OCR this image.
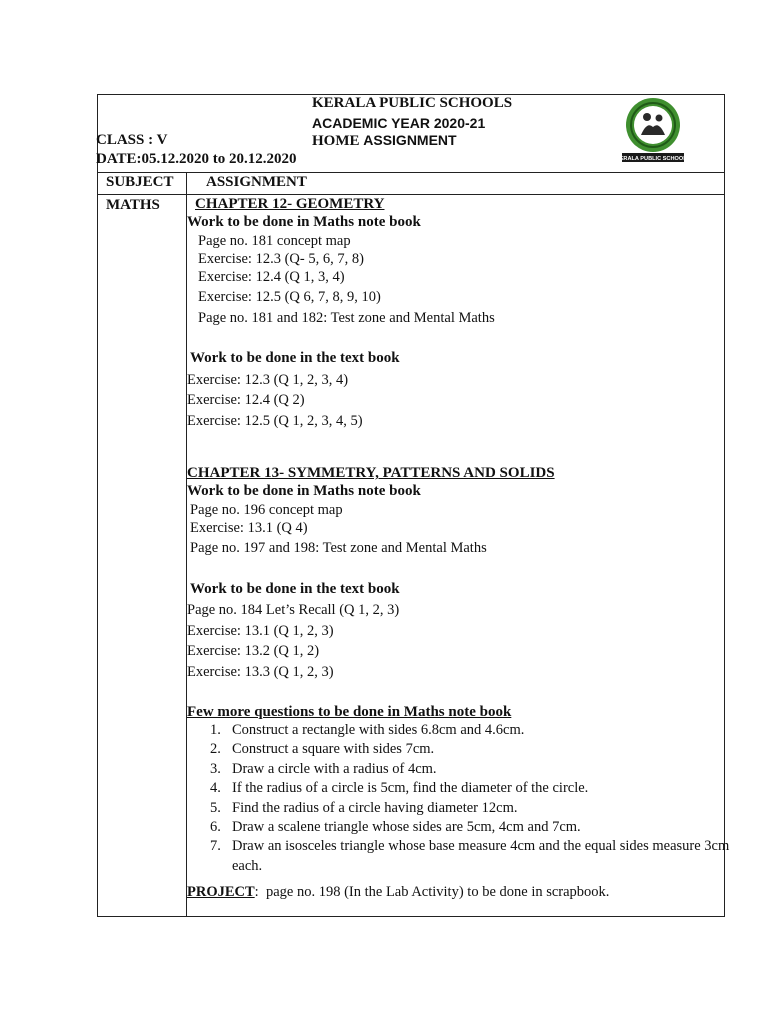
KERALA PUBLIC SCHOOLS
ACADEMIC YEAR 2020-21
HOME ASSIGNMENT
CLASS : V
DATE:05.12.2020 to 20.12.2020	KERALA PUBLIC SCHOOLS
SUBJECT ASSIGNMENT
MATHS CHAPTER 12- GEOMETRY
Work to be done in Maths note book
Page no. 181 concept map
Exercise: 12.3 (Q- 5, 6, 7, 8)
Exercise: 12.4 (Q 1, 3, 4)
Exercise: 12.5 (Q 6, 7, 8, 9, 10)
Page no. 181 and 182: Test zone and Mental Maths
Work to be done in the text book
Exercise: 12.3 (Q 1, 2, 3, 4)
Exercise: 12.4 (Q 2)
Exercise: 12.5 (Q 1, 2, 3, 4, 5)
CHAPTER 13- SYMMETRY, PATTERNS AND SOLIDS
Work to be done in Maths note book
Page no. 196 concept map
Exercise: 13.1 (Q 4)
Page no. 197 and 198: Test zone and Mental Maths
Work to be done in the text book
Page no. 184 Let’s Recall (Q 1, 2, 3)
Exercise: 13.1 (Q 1, 2, 3)
Exercise: 13.2 (Q 1, 2)
Exercise: 13.3 (Q 1, 2, 3)
Few more questions to be done in Maths note book
1. Construct a rectangle with sides 6.8cm and 4.6cm.
2. Construct a square with sides 7cm.
3. Draw a circle with a radius of 4cm.
4. If the radius of a circle is 5cm, find the diameter of the circle.
5. Find the radius of a circle having diameter 12cm.
6. Draw a scalene triangle whose sides are 5cm, 4cm and 7cm.
7. Draw an isosceles triangle whose base measure 4cm and the equal sides measure 3cm each.
PROJECT: page no. 198 (In the Lab Activity) to be done in scrapbook.
